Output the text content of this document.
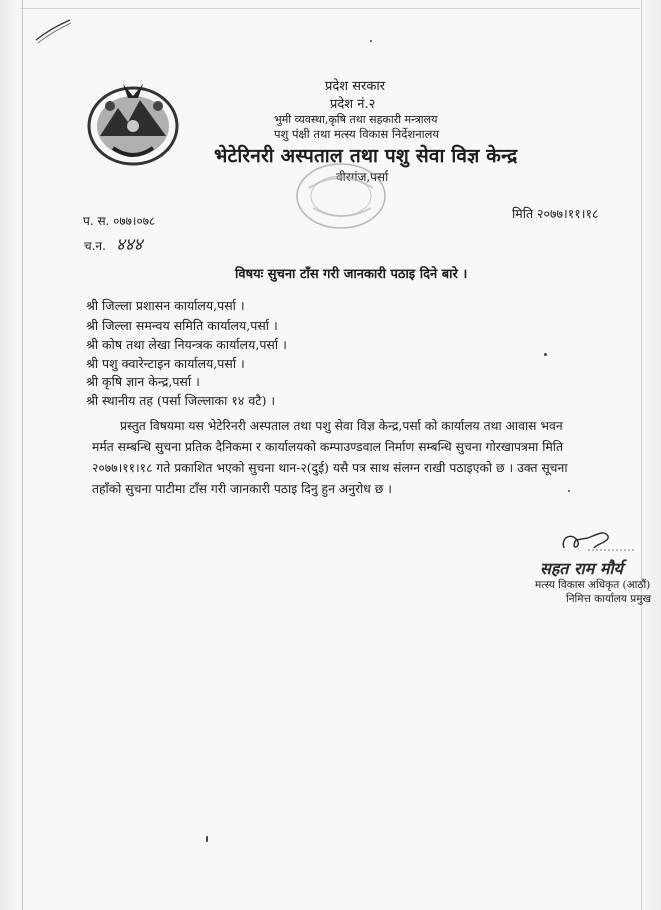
प्रदेश सरकार
प्रदेश नं.२
भुमी व्यवस्था,कृषि तथा सहकारी मन्त्रालय
पशु पंक्षी तथा मत्स्य विकास निर्देशनालय
भेटेरिनरी अस्पताल तथा पशु सेवा विज्ञ केन्द्र
वीरगंज,पर्सा
प. स. ०७७।०७८
च.न. ४४४
मिति २०७७।११।१८
विषयः सुचना टाँस गरी जानकारी पठाइ दिने बारे ।
श्री जिल्ला प्रशासन कार्यालय,पर्सा ।
श्री जिल्ला समन्वय समिति कार्यालय,पर्सा ।
श्री कोष तथा लेखा नियन्त्रक कार्यालय,पर्सा ।
श्री पशु क्वारेन्टाइन कार्यालय,पर्सा ।
श्री कृषि ज्ञान केन्द्र,पर्सा ।
श्री स्थानीय तह (पर्सा जिल्लाका १४ वटै) ।
प्रस्तुत विषयमा यस भेटेरिनरी अस्पताल तथा पशु सेवा विज्ञ केन्द्र,पर्सा को कार्यालय तथा आवास भवन
मर्मत सम्बन्धि सुचना प्रतिक दैनिकमा र कार्यालयको कम्पाउण्डवाल निर्माण सम्बन्धि सुचना गोरखापत्रमा मिति
२०७७।११।१८ गते प्रकाशित भएको सुचना थान-२(दुई) यसै पत्र साथ संलग्न राखी पठाइएको छ । उक्त सूचना
तहाँको सुचना पाटीमा टाँस गरी जानकारी पठाइ दिनु हुन अनुरोध छ ।
सहत राम मौर्य
मत्स्य विकास अधिकृत (आठौं)
निमित्त कार्यालय प्रमुख
